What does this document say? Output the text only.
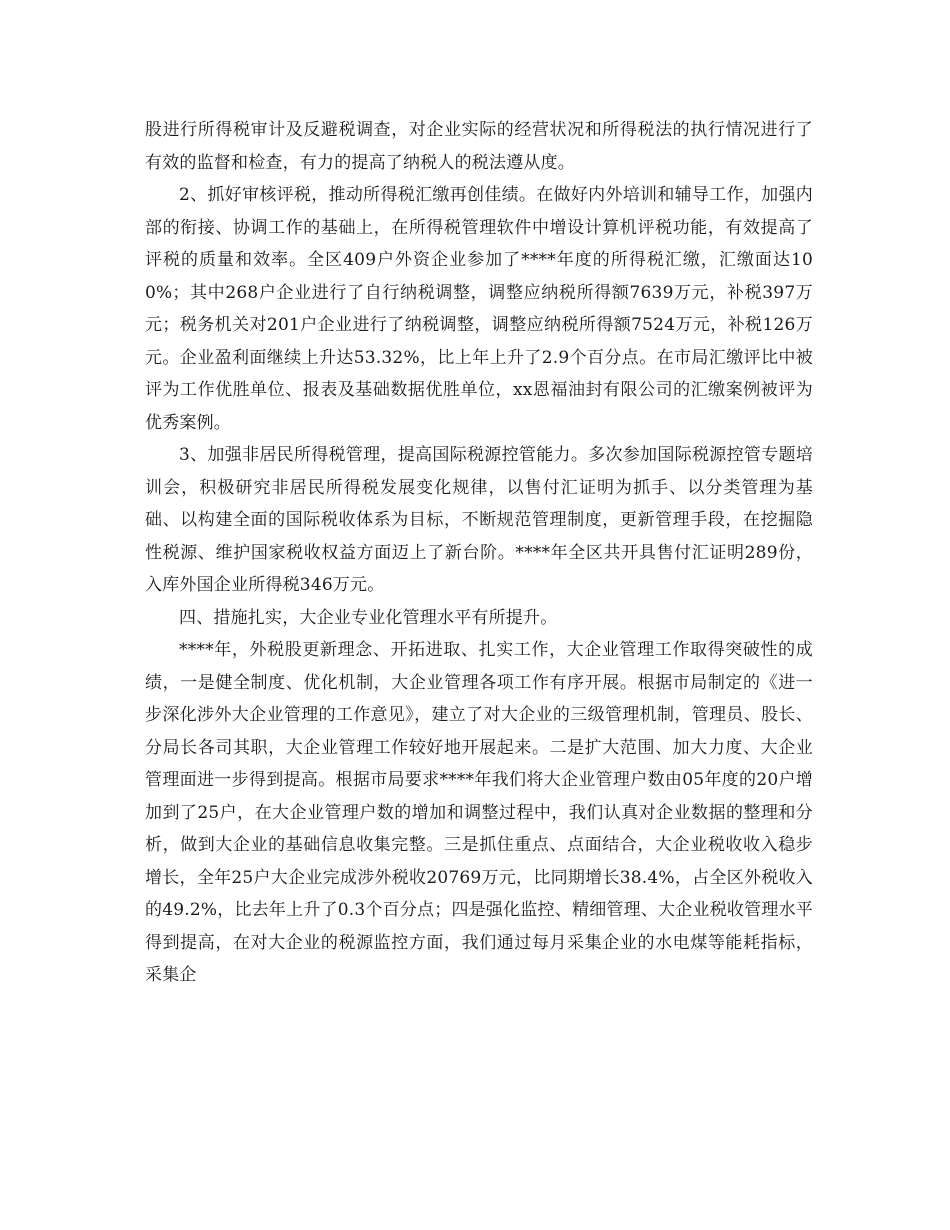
股进行所得税审计及反避税调查，对企业实际的经营状况和所得税法的执行情况进行了有效的监督和检查，有力的提高了纳税人的税法遵从度。

2、抓好审核评税，推动所得税汇缴再创佳绩。在做好内外培训和辅导工作，加强内部的衔接、协调工作的基础上，在所得税管理软件中增设计算机评税功能，有效提高了评税的质量和效率。全区409户外资企业参加了****年度的所得税汇缴，汇缴面达100%；其中268户企业进行了自行纳税调整，调整应纳税所得额7639万元，补税397万元；税务机关对201户企业进行了纳税调整，调整应纳税所得额7524万元，补税126万元。企业盈利面继续上升达53.32%，比上年上升了2.9个百分点。在市局汇缴评比中被评为工作优胜单位、报表及基础数据优胜单位，xx恩福油封有限公司的汇缴案例被评为优秀案例。

3、加强非居民所得税管理，提高国际税源控管能力。多次参加国际税源控管专题培训会，积极研究非居民所得税发展变化规律，以售付汇证明为抓手、以分类管理为基础、以构建全面的国际税收体系为目标，不断规范管理制度，更新管理手段，在挖掘隐性税源、维护国家税收权益方面迈上了新台阶。****年全区共开具售付汇证明289份，入库外国企业所得税346万元。

四、措施扎实，大企业专业化管理水平有所提升。

****年，外税股更新理念、开拓进取、扎实工作，大企业管理工作取得突破性的成绩，一是健全制度、优化机制，大企业管理各项工作有序开展。根据市局制定的《进一步深化涉外大企业管理的工作意见》，建立了对大企业的三级管理机制，管理员、股长、分局长各司其职，大企业管理工作较好地开展起来。二是扩大范围、加大力度、大企业管理面进一步得到提高。根据市局要求****年我们将大企业管理户数由05年度的20户增加到了25户，在大企业管理户数的增加和调整过程中，我们认真对企业数据的整理和分析，做到大企业的基础信息收集完整。三是抓住重点、点面结合，大企业税收收入稳步增长，全年25户大企业完成涉外税收20769万元，比同期增长38.4%，占全区外税收入的49.2%，比去年上升了0.3个百分点；四是强化监控、精细管理、大企业税收管理水平得到提高，在对大企业的税源监控方面，我们通过每月采集企业的水电煤等能耗指标，采集企
